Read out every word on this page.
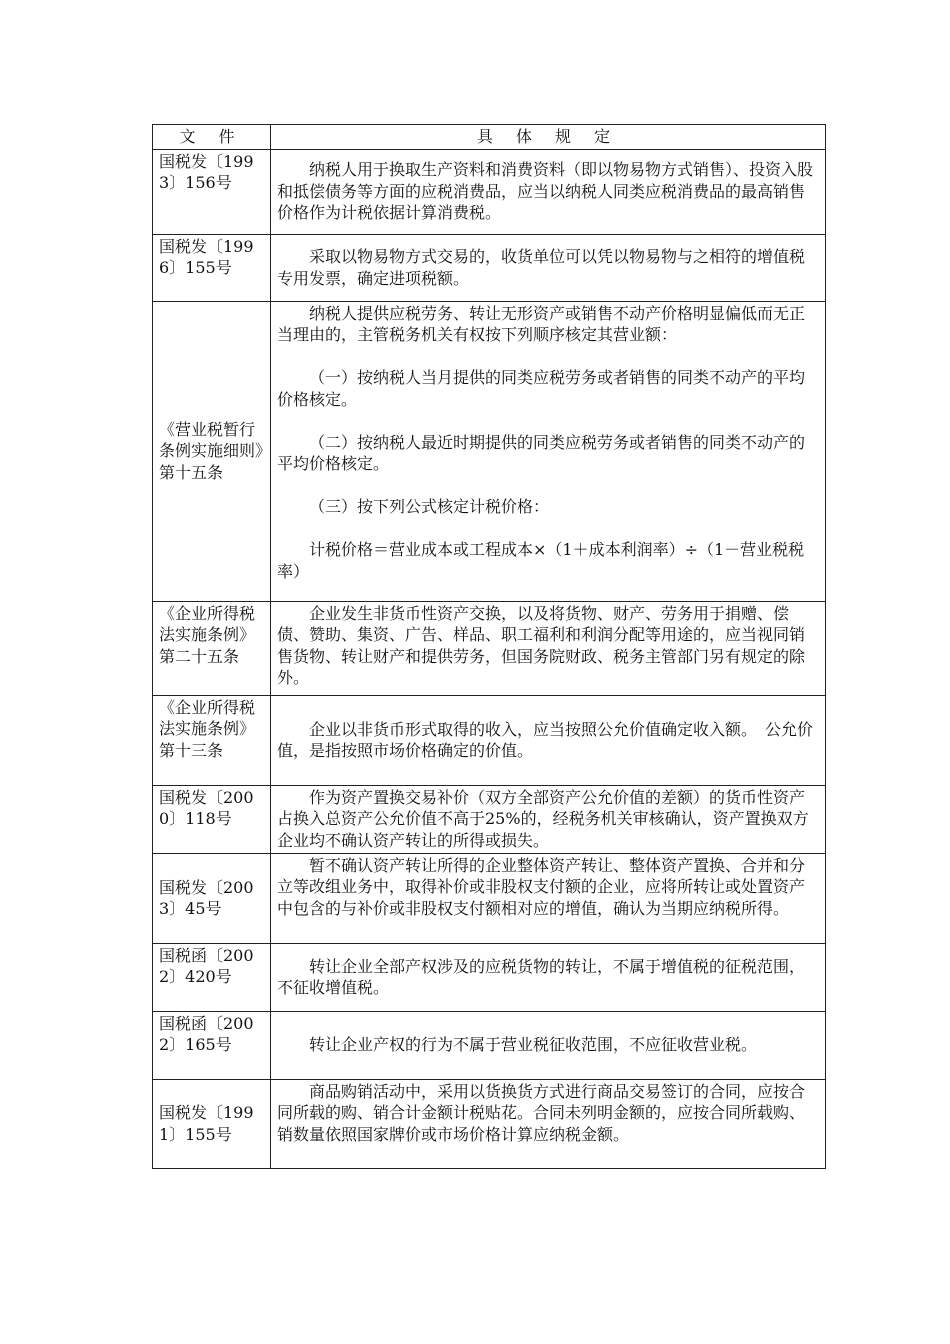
文 件	具 体 规 定
国税发〔1993〕156号	纳税人用于换取生产资料和消费资料（即以物易物方式销售）、投资入股和抵偿债务等方面的应税消费品，应当以纳税人同类应税消费品的最高销售价格作为计税依据计算消费税。

国税发〔1996〕155号	采取以物易物方式交易的，收货单位可以凭以物易物与之相符的增值税专用发票，确定进项税额。

《营业税暂行条例实施细则》第十五条	纳税人提供应税劳务、转让无形资产或销售不动产价格明显偏低而无正当理由的，主管税务机关有权按下列顺序核定其营业额：

（一）按纳税人当月提供的同类应税劳务或者销售的同类不动产的平均价格核定。

（二）按纳税人最近时期提供的同类应税劳务或者销售的同类不动产的平均价格核定。

（三）按下列公式核定计税价格：

计税价格＝营业成本或工程成本×（1＋成本利润率）÷（1－营业税税率）

《企业所得税法实施条例》第二十五条	企业发生非货币性资产交换，以及将货物、财产、劳务用于捐赠、偿债、赞助、集资、广告、样品、职工福利和利润分配等用途的，应当视同销售货物、转让财产和提供劳务，但国务院财政、税务主管部门另有规定的除外。

《企业所得税法实施条例》第十三条	企业以非货币形式取得的收入，应当按照公允价值确定收入额。　公允价值，是指按照市场价格确定的价值。

国税发〔2000〕118号	作为资产置换交易补价（双方全部资产公允价值的差额）的货币性资产占换入总资产公允价值不高于25%的，经税务机关审核确认，资产置换双方企业均不确认资产转让的所得或损失。

国税发〔2003〕45号	暂不确认资产转让所得的企业整体资产转让、整体资产置换、合并和分立等改组业务中，取得补价或非股权支付额的企业，应将所转让或处置资产中包含的与补价或非股权支付额相对应的增值，确认为当期应纳税所得。

国税函〔2002〕420号	转让企业全部产权涉及的应税货物的转让，不属于增值税的征税范围，不征收增值税。

国税函〔2002〕165号	转让企业产权的行为不属于营业税征收范围，不应征收营业税。

国税发〔1991〕155号	商品购销活动中，采用以货换货方式进行商品交易签订的合同，应按合同所载的购、销合计金额计税贴花。合同未列明金额的，应按合同所载购、销数量依照国家牌价或市场价格计算应纳税金额。
